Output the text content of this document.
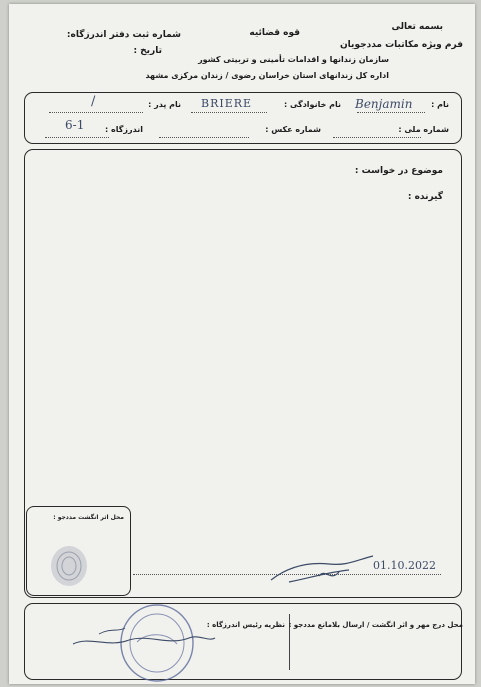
بسمه تعالی
فرم ویژه مکاتبات مددجویان
قوه قضائیه
سازمان زندانها و اقدامات تأمینی و تربیتی کشور
اداره کل زندانهای استان خراسان رضوی / زندان مرکزی مشهد
شماره ثبت دفتر اندرزگاه:
تاریخ :
نام :
Benjamin
نام خانوادگی :
BRIERE
نام پدر :
/
شماره ملی :
شماره عکس :
اندرزگاه :
6-1
موضوع در خواست :
گیرنده :
01.10.2022
محل اثر انگشت مددجو :
محل درج مهر و اثر انگشت / ارسال بلامانع مددجو :
نظریه رئیس اندرزگاه :
